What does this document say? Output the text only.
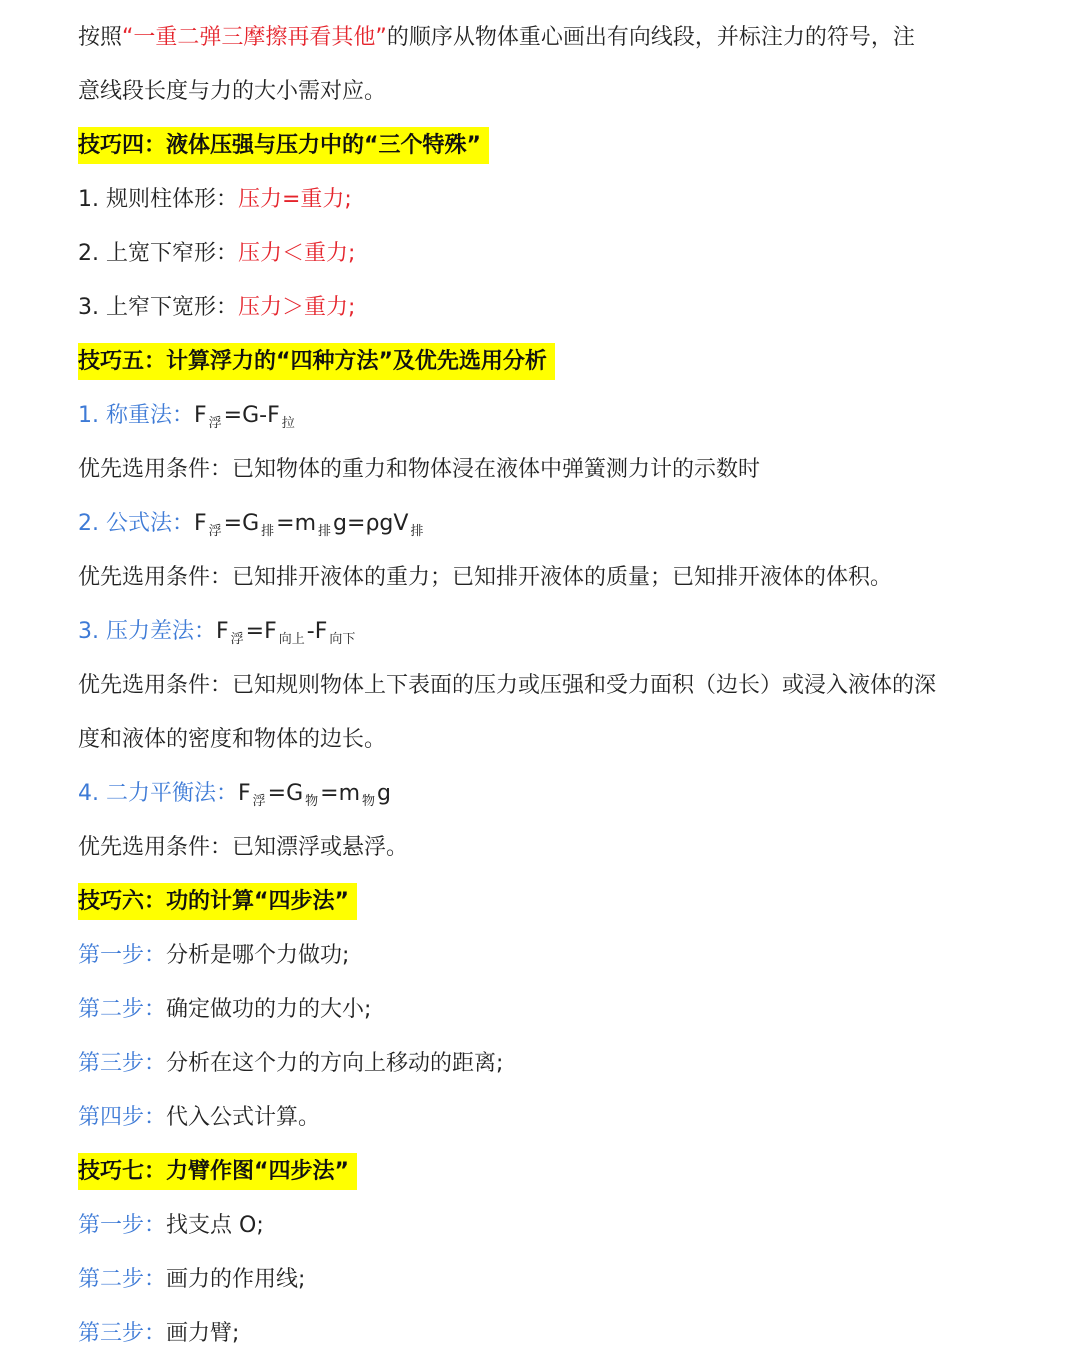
按照“一重二弹三摩擦再看其他”的顺序从物体重心画出有向线段，并标注力的符号，注
意线段长度与力的大小需对应。
技巧四：液体压强与压力中的“三个特殊”
1. 规则柱体形：压力=重力;
2. 上宽下窄形：压力＜重力;
3. 上窄下宽形：压力＞重力;
技巧五：计算浮力的“四种方法”及优先选用分析
1. 称重法：F $_浮$=G-F $_拉$
优先选用条件：已知物体的重力和物体浸在液体中弹簧测力计的示数时
2. 公式法：F $_浮$=G $_排$=m $_排$g=ρgV $_排$
优先选用条件：已知排开液体的重力；已知排开液体的质量；已知排开液体的体积。
3. 压力差法：F $_浮$=F $_{向上}$-F $_{向下}$
优先选用条件：已知规则物体上下表面的压力或压强和受力面积（边长）或浸入液体的深
度和液体的密度和物体的边长。
4. 二力平衡法：F $_浮$=G $_物$=m $_物$g
优先选用条件：已知漂浮或悬浮。
技巧六：功的计算“四步法”
第一步：分析是哪个力做功;
第二步：确定做功的力的大小;
第三步：分析在这个力的方向上移动的距离;
第四步：代入公式计算。
技巧七：力臂作图“四步法”
第一步：找支点 O;
第二步：画力的作用线;
第三步：画力臂;
